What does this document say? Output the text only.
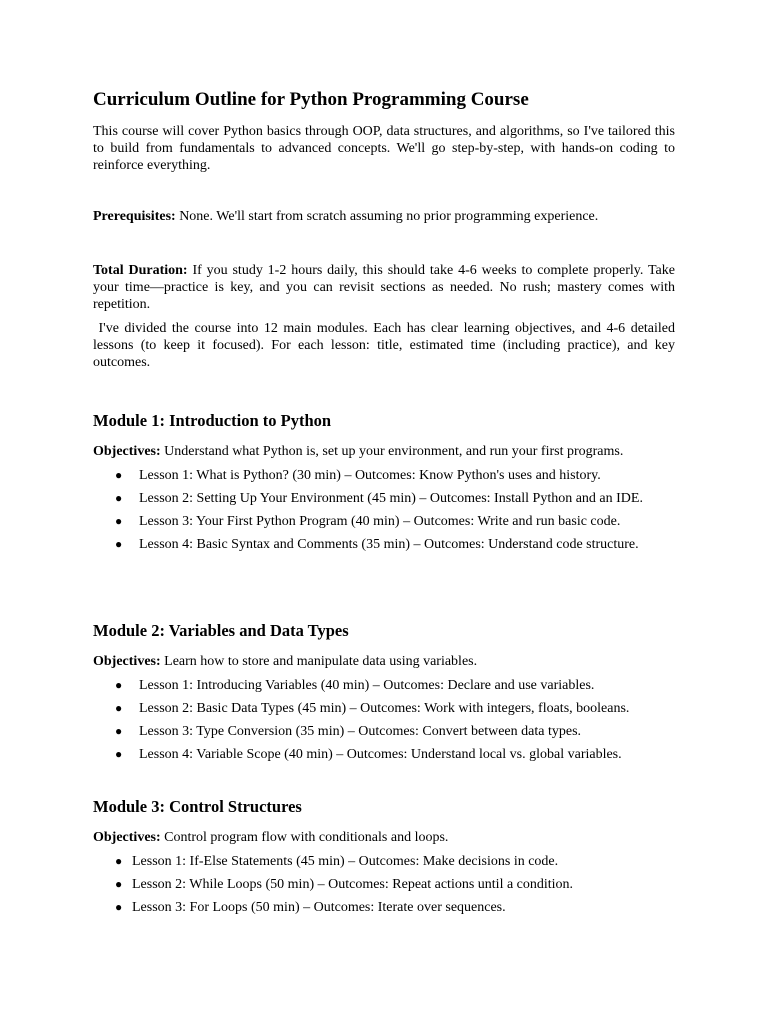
Curriculum Outline for Python Programming Course

This course will cover Python basics through OOP, data structures, and algorithms, so I've tailored this to build from fundamentals to advanced concepts. We'll go step-by-step, with hands-on coding to reinforce everything.

Prerequisites: None. We'll start from scratch assuming no prior programming experience.

Total Duration: If you study 1-2 hours daily, this should take 4-6 weeks to complete properly. Take your time—practice is key, and you can revisit sections as needed. No rush; mastery comes with repetition.

I've divided the course into 12 main modules. Each has clear learning objectives, and 4-6 detailed lessons (to keep it focused). For each lesson: title, estimated time (including practice), and key outcomes.

Module 1: Introduction to Python

Objectives: Understand what Python is, set up your environment, and run your first programs.

● Lesson 1: What is Python? (30 min) – Outcomes: Know Python's uses and history.
● Lesson 2: Setting Up Your Environment (45 min) – Outcomes: Install Python and an IDE.
● Lesson 3: Your First Python Program (40 min) – Outcomes: Write and run basic code.
● Lesson 4: Basic Syntax and Comments (35 min) – Outcomes: Understand code structure.
Module 2: Variables and Data Types

Objectives: Learn how to store and manipulate data using variables.

● Lesson 1: Introducing Variables (40 min) – Outcomes: Declare and use variables.
● Lesson 2: Basic Data Types (45 min) – Outcomes: Work with integers, floats, booleans.
● Lesson 3: Type Conversion (35 min) – Outcomes: Convert between data types.
● Lesson 4: Variable Scope (40 min) – Outcomes: Understand local vs. global variables.
Module 3: Control Structures

Objectives: Control program flow with conditionals and loops.

● Lesson 1: If-Else Statements (45 min) – Outcomes: Make decisions in code.
● Lesson 2: While Loops (50 min) – Outcomes: Repeat actions until a condition.
● Lesson 3: For Loops (50 min) – Outcomes: Iterate over sequences.
